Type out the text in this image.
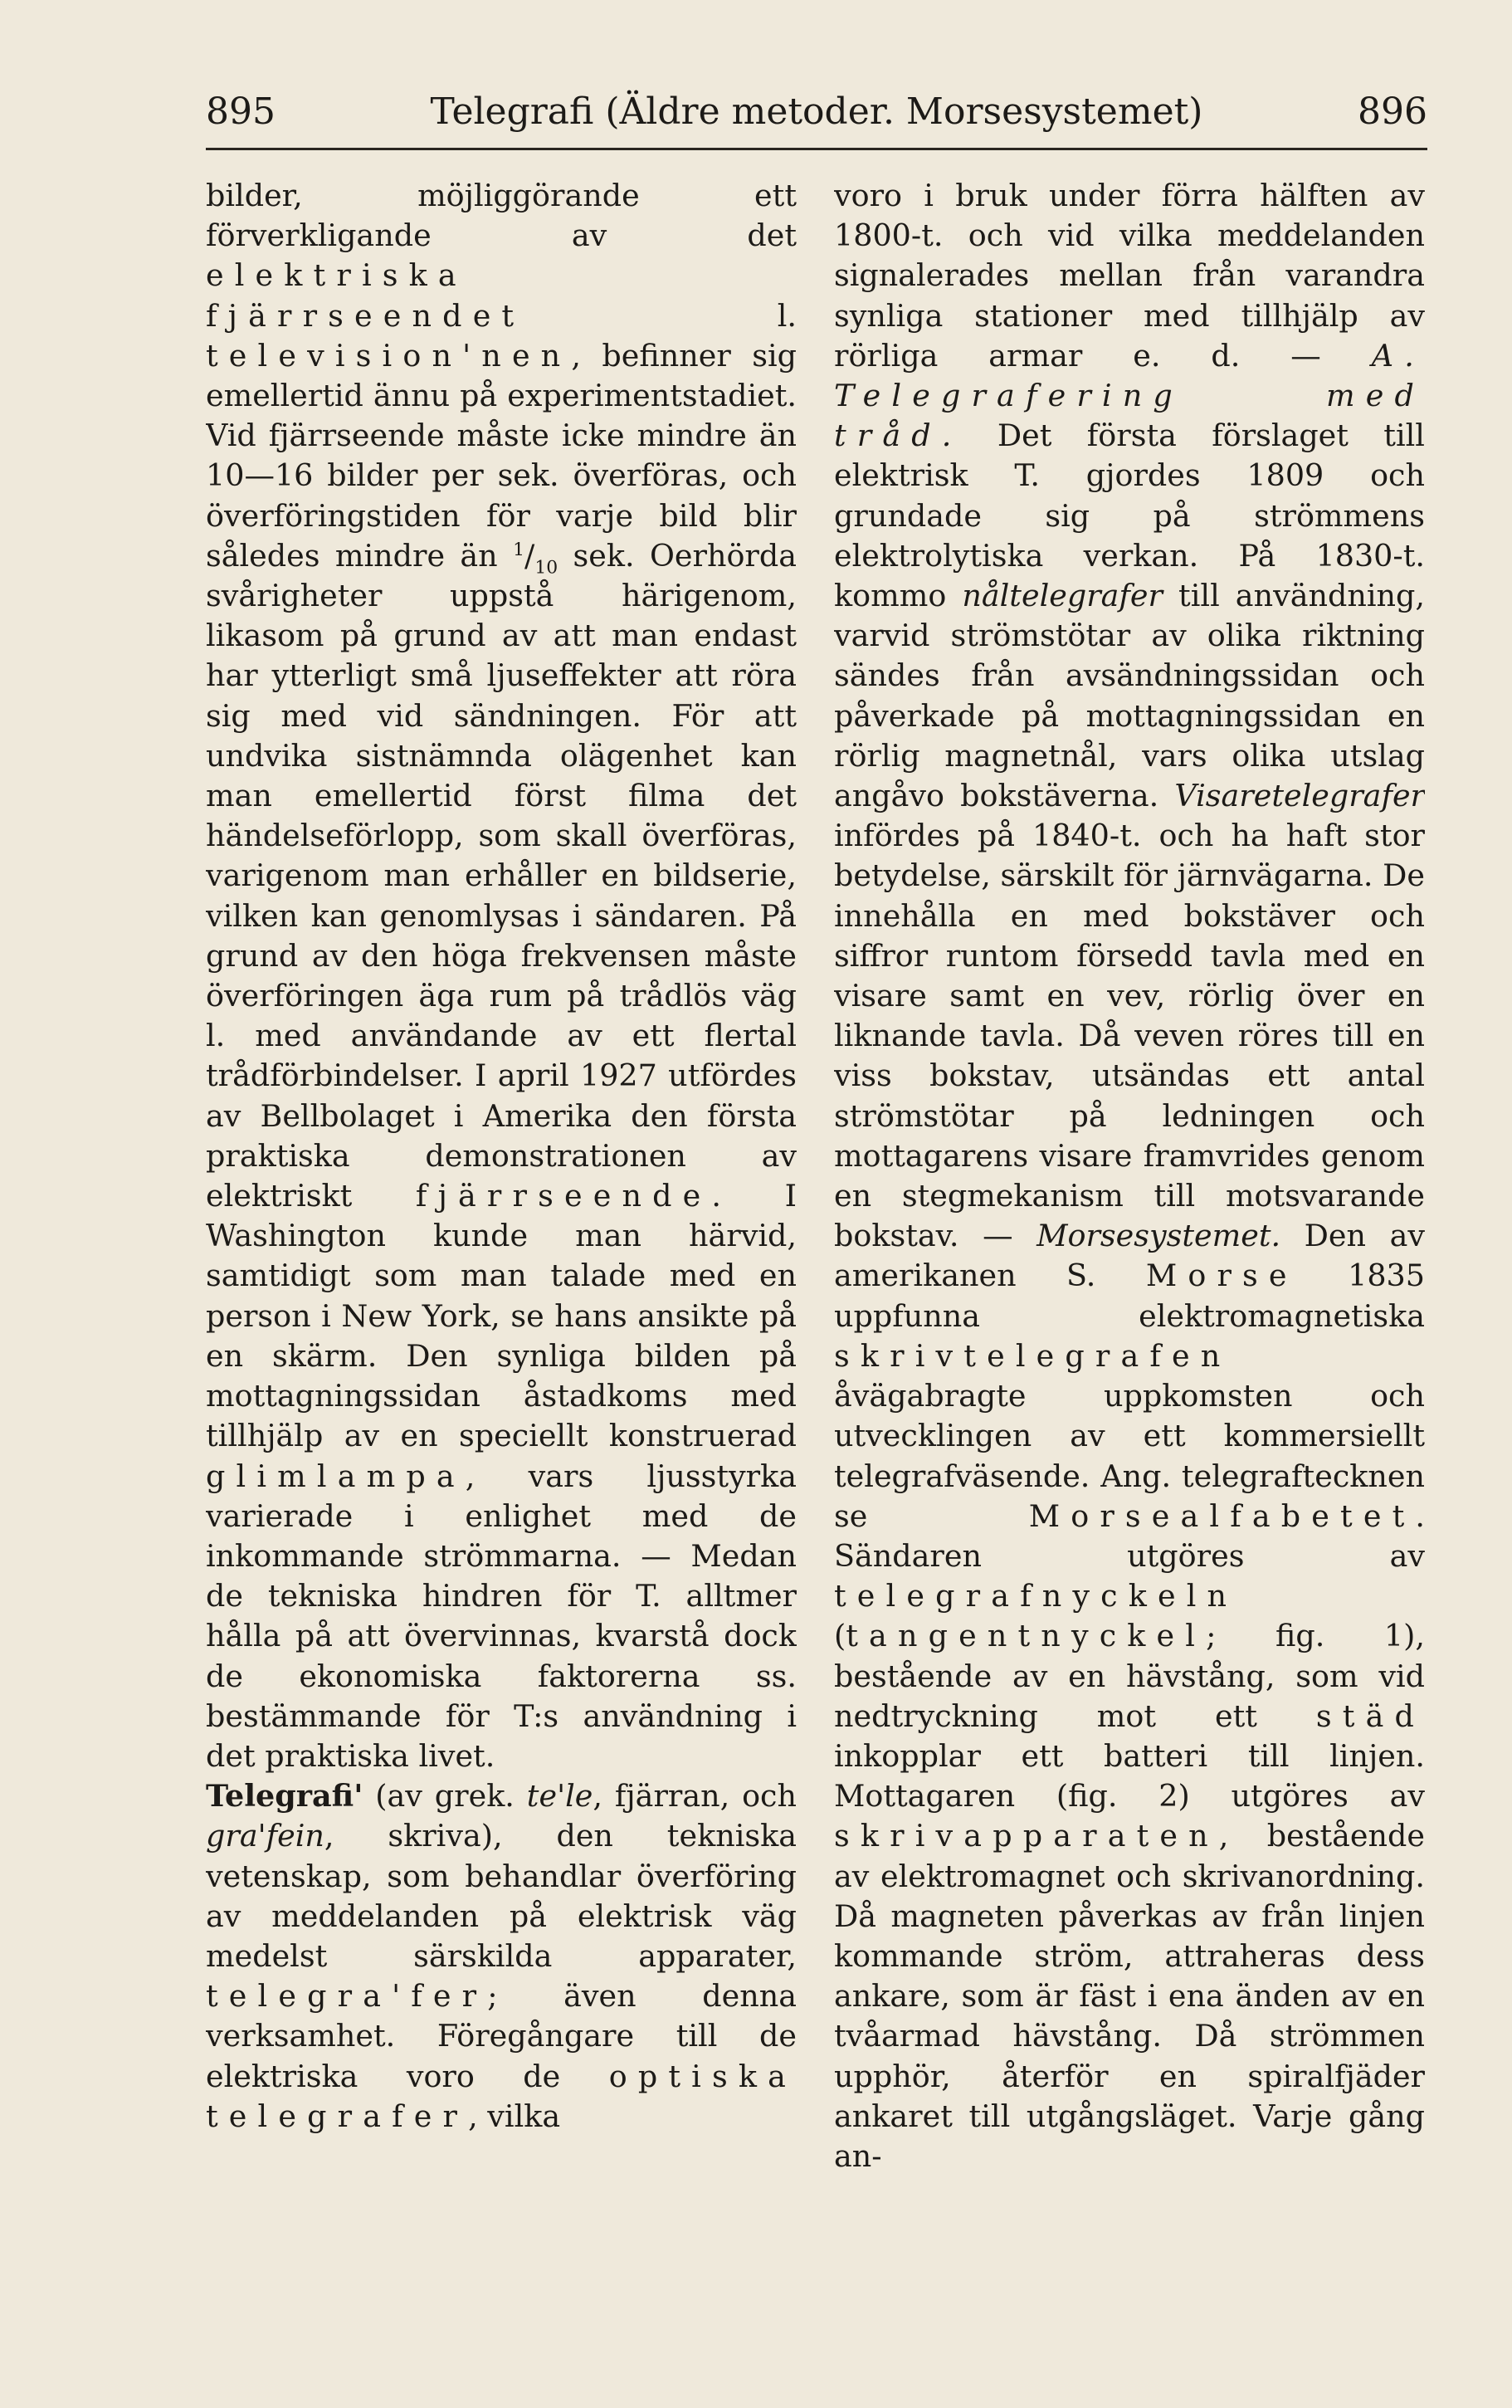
895	Telegrafi (Äldre metoder. Morsesystemet)	896

bilder, möjliggörande ett förverkligande av det elektriska fjärrseendet l. television'nen, befinner sig emellertid ännu på experimentstadiet. Vid fjärrseende måste icke mindre än 10—16 bilder per sek. överföras, och överföringstiden för varje bild blir således mindre än $^1/_{10}$ sek. Oerhörda svårigheter uppstå härigenom, likasom på grund av att man endast har ytterligt små ljuseffekter att röra sig med vid sändningen. För att undvika sistnämnda olägenhet kan man emellertid först filma det händelseförlopp, som skall överföras, varigenom man erhåller en bildserie, vilken kan genomlysas i sändaren. På grund av den höga frekvensen måste överföringen äga rum på trådlös väg l. med användande av ett flertal trådförbindelser. I april 1927 utfördes av Bellbolaget i Amerika den första praktiska demonstrationen av elektriskt fjärrseende. I Washington kunde man härvid, samtidigt som man talade med en person i New York, se hans ansikte på en skärm. Den synliga bilden på mottagningssidan åstadkoms med tillhjälp av en speciellt konstruerad glimlampa, vars ljusstyrka varierade i enlighet med de inkommande strömmarna. — Medan de tekniska hindren för T. alltmer hålla på att övervinnas, kvarstå dock de ekonomiska faktorerna ss. bestämmande för T:s användning i det praktiska livet.
Telegrafi' (av grek. te'le, fjärran, och gra'fein, skriva), den tekniska vetenskap, som behandlar överföring av meddelanden på elektrisk väg medelst särskilda apparater, telegra'fer; även denna verksamhet. Föregångare till de elektriska voro de optiska telegrafer, vilka

voro i bruk under förra hälften av 1800-t. och vid vilka meddelanden signalerades mellan från varandra synliga stationer med tillhjälp av rörliga armar e. d. — A. Telegrafering med tråd. Det första förslaget till elektrisk T. gjordes 1809 och grundade sig på strömmens elektrolytiska verkan. På 1830-t. kommo nåltelegrafer till användning, varvid strömstötar av olika riktning sändes från avsändningssidan och påverkade på mottagningssidan en rörlig magnetnål, vars olika utslag angåvo bokstäverna. Visaretelegrafer infördes på 1840-t. och ha haft stor betydelse, särskilt för järnvägarna. De innehålla en med bokstäver och siffror runtom försedd tavla med en visare samt en vev, rörlig över en liknande tavla. Då veven röres till en viss bokstav, utsändas ett antal strömstötar på ledningen och mottagarens visare framvrides genom en stegmekanism till motsvarande bokstav. — Morsesystemet. Den av amerikanen S. Morse 1835 uppfunna elektromagnetiska skrivtelegrafen åvägabragte uppkomsten och utvecklingen av ett kommersiellt telegrafväsende. Ang. telegraftecknen se Morsealfabetet. Sändaren utgöres av telegrafnyckeln (tangentnyckel; fig. 1), bestående av en hävstång, som vid nedtryckning mot ett städ inkopplar ett batteri till linjen. Mottagaren (fig. 2) utgöres av skrivapparaten, bestående av elektromagnet och skrivanordning. Då magneten påverkas av från linjen kommande ström, attraheras dess ankare, som är fäst i ena änden av en tvåarmad hävstång. Då strömmen upphör, återför en spiralfjäder ankaret till utgångsläget. Varje gång an-
